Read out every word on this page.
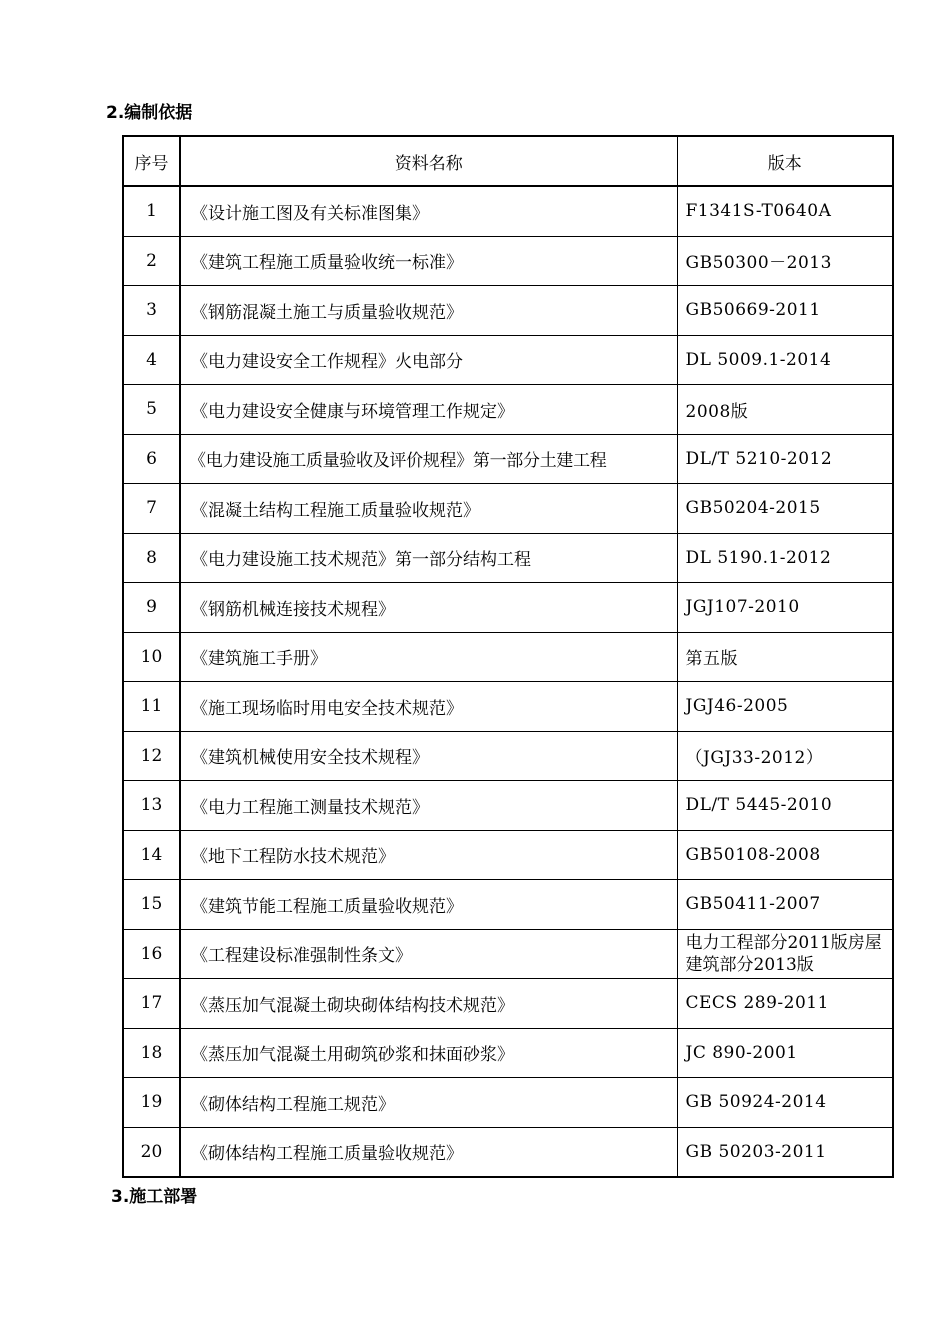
2.编制依据
序号	资料名称	版本
1	《设计施工图及有关标准图集》	F1341S-T0640A
2	《建筑工程施工质量验收统一标准》	GB50300－2013
3	《钢筋混凝土施工与质量验收规范》	GB50669-2011
4	《电力建设安全工作规程》火电部分	DL 5009.1-2014
5	《电力建设安全健康与环境管理工作规定》	2008版
6	《电力建设施工质量验收及评价规程》第一部分土建工程	DL/T 5210-2012
7	《混凝土结构工程施工质量验收规范》	GB50204-2015
8	《电力建设施工技术规范》第一部分结构工程	DL 5190.1-2012
9	《钢筋机械连接技术规程》	JGJ107-2010
10	《建筑施工手册》	第五版
11	《施工现场临时用电安全技术规范》	JGJ46-2005
12	《建筑机械使用安全技术规程》	（JGJ33-2012）
13	《电力工程施工测量技术规范》	DL/T 5445-2010
14	《地下工程防水技术规范》	GB50108-2008
15	《建筑节能工程施工质量验收规范》	GB50411-2007
16	《工程建设标准强制性条文》	电力工程部分2011版房屋建筑部分2013版
17	《蒸压加气混凝土砌块砌体结构技术规范》	CECS 289-2011
18	《蒸压加气混凝土用砌筑砂浆和抹面砂浆》	JC 890-2001
19	《砌体结构工程施工规范》	GB 50924-2014
20	《砌体结构工程施工质量验收规范》	GB 50203-2011
3.施工部署
